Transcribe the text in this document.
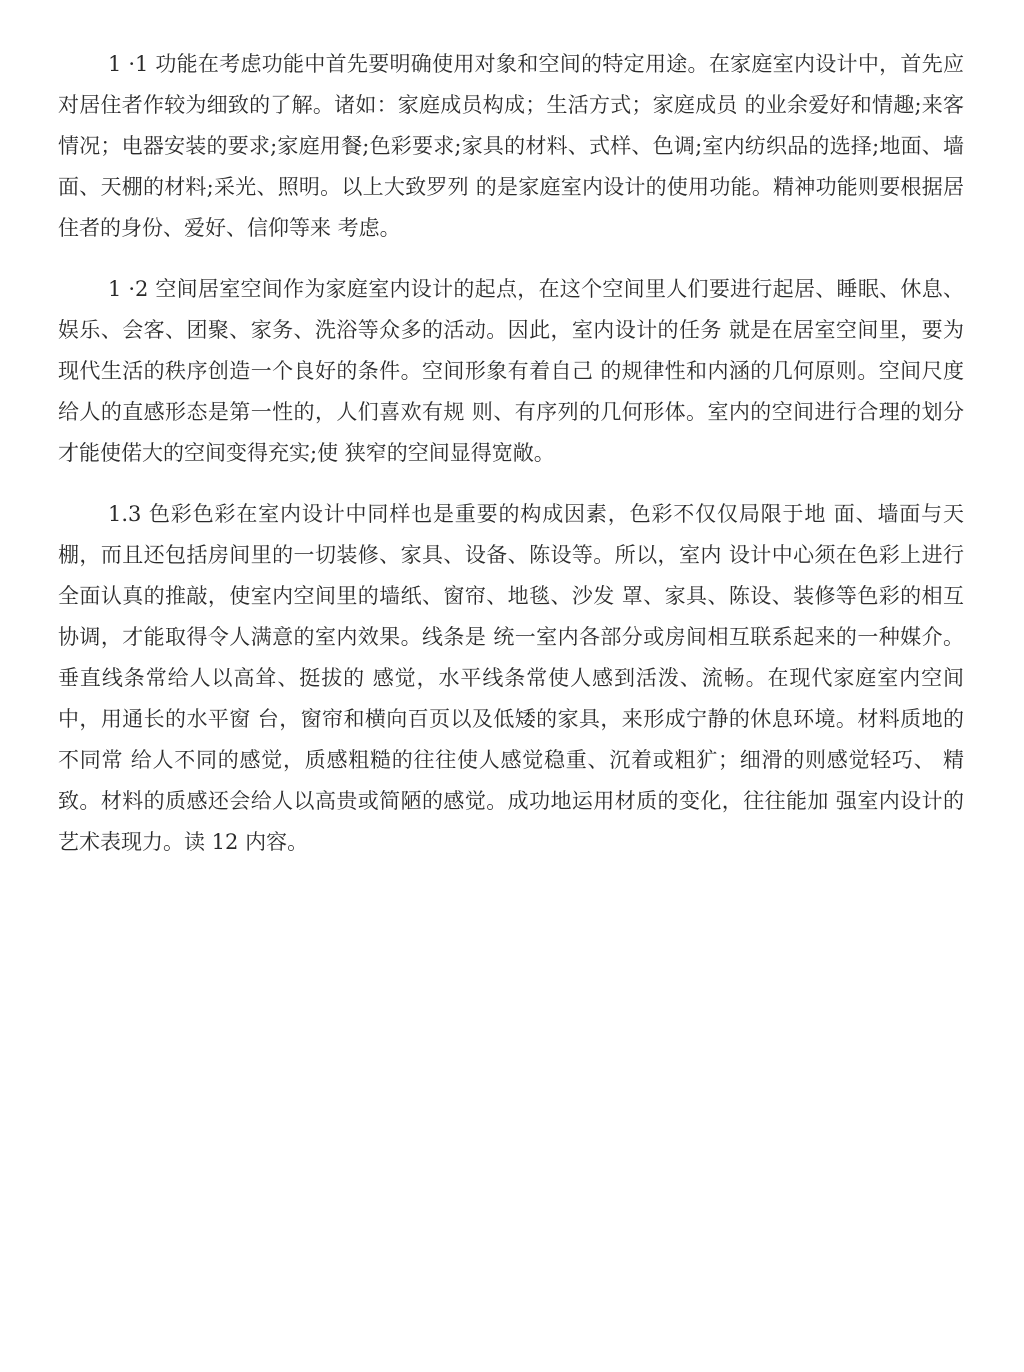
1 ·1 功能在考虑功能中首先要明确使用对象和空间的特定用途。在家庭室内设计中，首先应对居住者作较为细致的了解。诸如：家庭成员构成；生活方式；家庭成员 的业余爱好和情趣;来客情况；电器安装的要求;家庭用餐;色彩要求;家具的材料、式样、色调;室内纺织品的选择;地面、墙面、天棚的材料;采光、照明。以上大致罗列 的是家庭室内设计的使用功能。精神功能则要根据居住者的身份、爱好、信仰等来 考虑。

1 ·2 空间居室空间作为家庭室内设计的起点，在这个空间里人们要进行起居、睡眠、休息、娱乐、会客、团聚、家务、洗浴等众多的活动。因此，室内设计的任务 就是在居室空间里，要为现代生活的秩序创造一个良好的条件。空间形象有着自己 的规律性和内涵的几何原则。空间尺度给人的直感形态是第一性的，人们喜欢有规 则、有序列的几何形体。室内的空间进行合理的划分才能使偌大的空间变得充实;使 狭窄的空间显得宽敞。

1.3 色彩色彩在室内设计中同样也是重要的构成因素，色彩不仅仅局限于地 面、墙面与天棚，而且还包括房间里的一切装修、家具、设备、陈设等。所以，室内 设计中心须在色彩上进行全面认真的推敲，使室内空间里的墙纸、窗帘、地毯、沙发 罩、家具、陈设、装修等色彩的相互协调，才能取得令人满意的室内效果。线条是 统一室内各部分或房间相互联系起来的一种媒介。垂直线条常给人以高耸、挺拔的 感觉，水平线条常使人感到活泼、流畅。在现代家庭室内空间中，用通长的水平窗 台，窗帘和横向百页以及低矮的家具，来形成宁静的休息环境。材料质地的不同常 给人不同的感觉，质感粗糙的往往使人感觉稳重、沉着或粗犷；细滑的则感觉轻巧、 精致。材料的质感还会给人以高贵或简陋的感觉。成功地运用材质的变化，往往能加 强室内设计的艺术表现力。读 12 内容。
